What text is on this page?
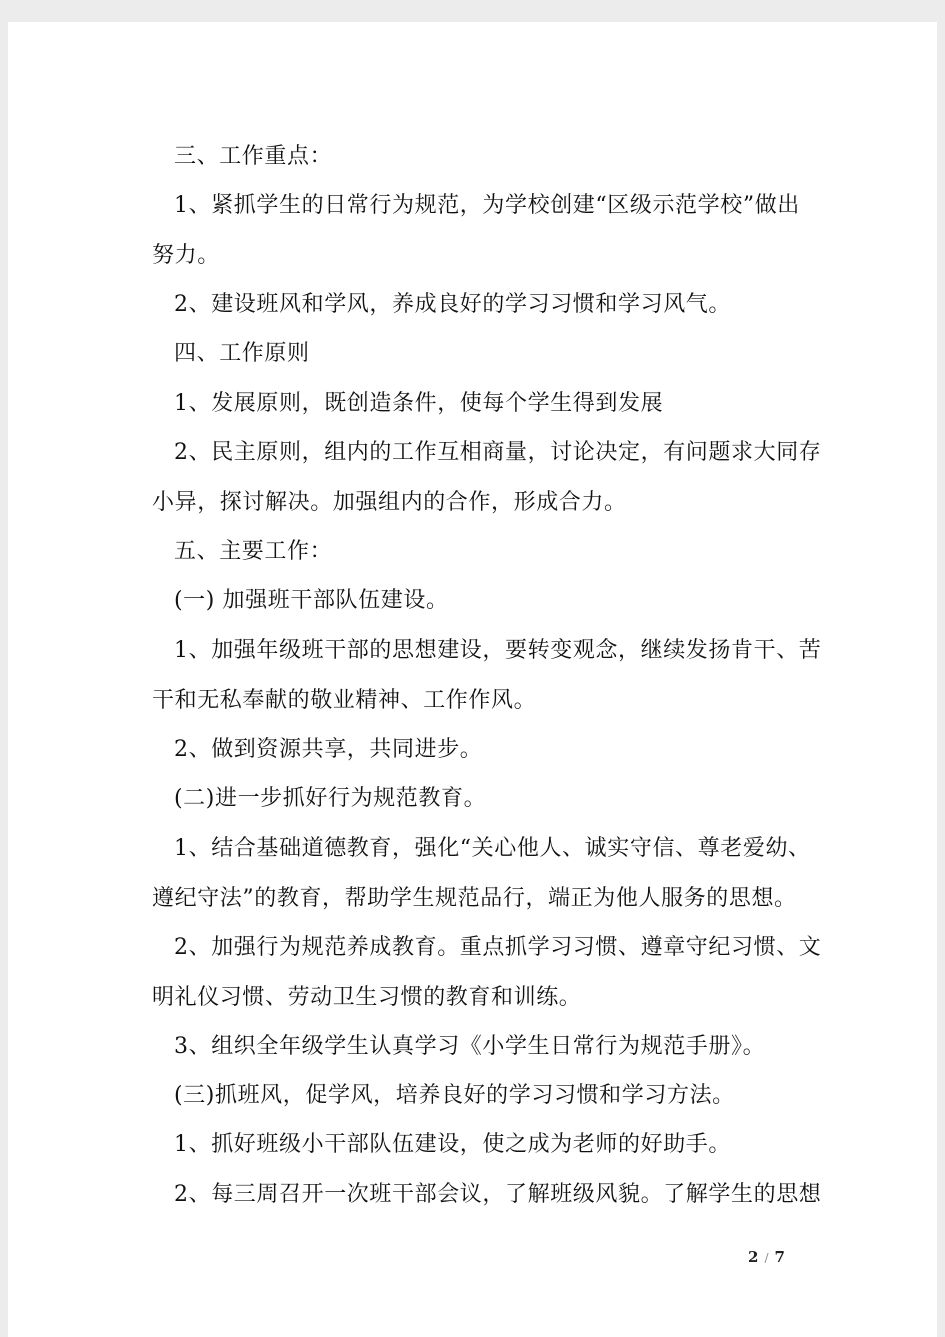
三、工作重点：

1、紧抓学生的日常行为规范，为学校创建“区级示范学校”做出努力。

2、建设班风和学风，养成良好的学习习惯和学习风气。

四、工作原则

1、发展原则，既创造条件，使每个学生得到发展

2、民主原则，组内的工作互相商量，讨论决定，有问题求大同存小异，探讨解决。加强组内的合作，形成合力。

五、主要工作：

(一) 加强班干部队伍建设。

1、加强年级班干部的思想建设，要转变观念，继续发扬肯干、苦干和无私奉献的敬业精神、工作作风。

2、做到资源共享，共同进步。

(二)进一步抓好行为规范教育。

1、结合基础道德教育，强化“关心他人、诚实守信、尊老爱幼、遵纪守法”的教育，帮助学生规范品行，端正为他人服务的思想。

2、加强行为规范养成教育。重点抓学习习惯、遵章守纪习惯、文明礼仪习惯、劳动卫生习惯的教育和训练。

3、组织全年级学生认真学习《小学生日常行为规范手册》。

(三)抓班风，促学风，培养良好的学习习惯和学习方法。

1、抓好班级小干部队伍建设，使之成为老师的好助手。

2、每三周召开一次班干部会议，了解班级风貌。了解学生的思想

2 / 7
